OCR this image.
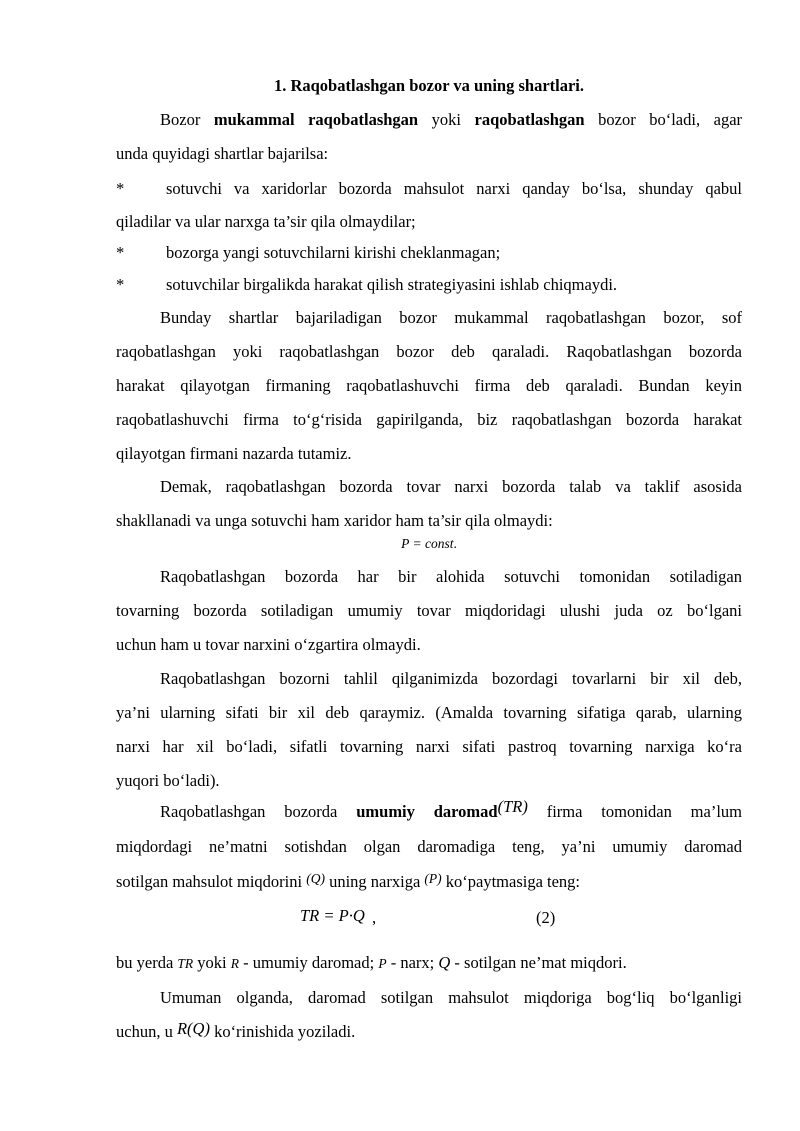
1. Raqobatlashgan bozor va uning shartlari.
Bozor mukammal raqobatlashgan yoki raqobatlashgan bozor bo‘ladi, agar
unda quyidagi shartlar bajarilsa:
*	sotuvchi va xaridorlar bozorda mahsulot narxi qanday bo‘lsa, shunday qabul
qiladilar va ular narxga ta’sir qila olmaydilar;
*	bozorga yangi sotuvchilarni kirishi cheklanmagan;
*	sotuvchilar birgalikda harakat qilish strategiyasini ishlab chiqmaydi.
Bunday shartlar bajariladigan bozor mukammal raqobatlashgan bozor, sof
raqobatlashgan yoki raqobatlashgan bozor deb qaraladi. Raqobatlashgan bozorda
harakat qilayotgan firmaning raqobatlashuvchi firma deb qaraladi. Bundan keyin
raqobatlashuvchi firma to‘g‘risida gapirilganda, biz raqobatlashgan bozorda harakat
qilayotgan firmani nazarda tutamiz.
Demak, raqobatlashgan bozorda tovar narxi bozorda talab va taklif asosida
shakllanadi va unga sotuvchi ham xaridor ham ta’sir qila olmaydi:
P = const.
Raqobatlashgan bozorda har bir alohida sotuvchi tomonidan sotiladigan
tovarning bozorda sotiladigan umumiy tovar miqdoridagi ulushi juda oz bo‘lgani
uchun ham u tovar narxini o‘zgartira olmaydi.
Raqobatlashgan bozorni tahlil qilganimizda bozordagi tovarlarni bir xil deb,
ya’ni ularning sifati bir xil deb qaraymiz. (Amalda tovarning sifatiga qarab, ularning
narxi har xil bo‘ladi, sifatli tovarning narxi sifati pastroq tovarning narxiga ko‘ra
yuqori bo‘ladi).
Raqobatlashgan bozorda umumiy daromad(TR) firma tomonidan ma’lum
miqdordagi ne’matni sotishdan olgan daromadiga teng, ya’ni umumiy daromad
sotilgan mahsulot miqdorini $^{(Q)}$ uning narxiga $^{(P)}$ ko‘paytmasiga teng:
TR = P·Q ,	(2)
bu yerda TR yoki R - umumiy daromad; P - narx; Q - sotilgan ne’mat miqdori.
Umuman olganda, daromad sotilgan mahsulot miqdoriga bog‘liq bo‘lganligi
uchun, u R(Q) ko‘rinishida yoziladi.
